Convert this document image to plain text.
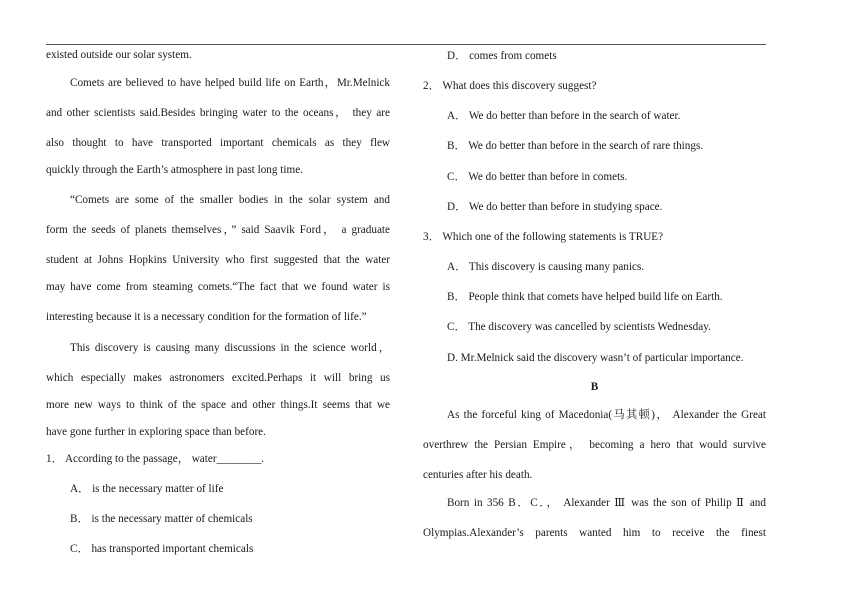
existed outside our solar system.
Comets are believed to have helped build life on Earth，Mr.Melnick
and other scientists said.Besides bringing water to the oceans， they are
also thought to have transported important chemicals as they flew
quickly through the Earth’s atmosphere in past long time.
“Comets are some of the smaller bodies in the solar system and
form the seeds of planets themselves，” said Saavik Ford， a graduate
student at Johns Hopkins University who first suggested that the water
may have come from steaming comets.“The fact that we found water is
interesting because it is a necessary condition for the formation of life.”
This discovery is causing many discussions in the science world，
which especially makes astronomers excited.Perhaps it will bring us
more new ways to think of the space and other things.It seems that we
have gone further in exploring space than before.
1． According to the passage， water________.
A． is the necessary matter of life
B． is the necessary matter of chemicals
C． has transported important chemicals
D． comes from comets
2． What does this discovery suggest?
A． We do better than before in the search of water.
B． We do better than before in the search of rare things.
C． We do better than before in comets.
D． We do better than before in studying space.
3． Which one of the following statements is TRUE?
A． This discovery is causing many panics.
B． People think that comets have helped build life on Earth.
C． The discovery was cancelled by scientists Wednesday.
D. Mr.Melnick said the discovery wasn’t of particular importance.
B
As the forceful king of Macedonia(马其顿)， Alexander the Great
overthrew the Persian Empire， becoming a hero that would survive
centuries after his death.
Born in 356 B．C．， Alexander Ⅲ was the son of Philip Ⅱ and
Olympias.Alexander’s parents wanted him to receive the finest
